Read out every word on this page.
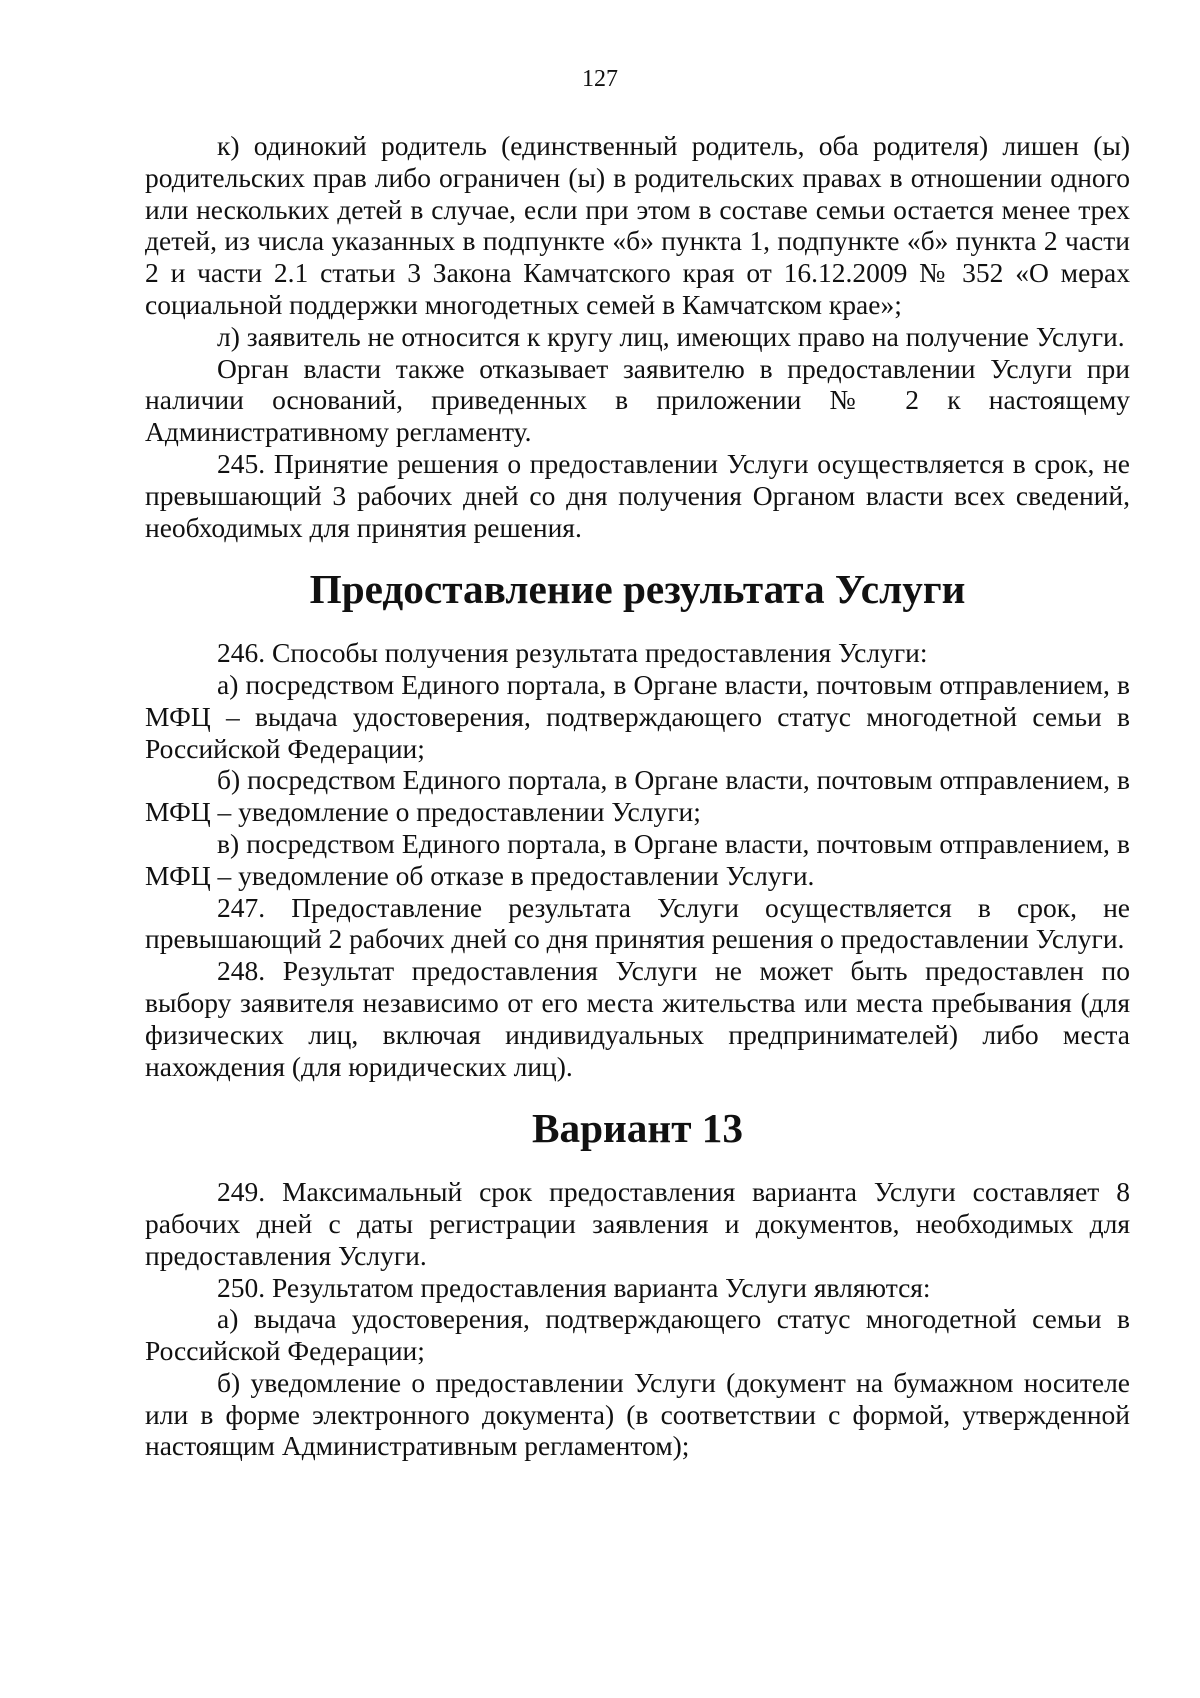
127

к) одинокий родитель (единственный родитель, оба родителя) лишен (ы) родительских прав либо ограничен (ы) в родительских правах в отношении одного или нескольких детей в случае, если при этом в составе семьи остается менее трех детей, из числа указанных в подпункте «б» пункта 1, подпункте «б» пункта 2 части 2 и части 2.1 статьи 3 Закона Камчатского края от 16.12.2009 № 352 «О мерах социальной поддержки многодетных семей в Камчатском крае»;

л) заявитель не относится к кругу лиц, имеющих право на получение Услуги.

Орган власти также отказывает заявителю в предоставлении Услуги при наличии оснований, приведенных в приложении № 2 к настоящему Административному регламенту.

245. Принятие решения о предоставлении Услуги осуществляется в срок, не превышающий 3 рабочих дней со дня получения Органом власти всех сведений, необходимых для принятия решения.

Предоставление результата Услуги

246. Способы получения результата предоставления Услуги:

а) посредством Единого портала, в Органе власти, почтовым отправлением, в МФЦ – выдача удостоверения, подтверждающего статус многодетной семьи в Российской Федерации;

б) посредством Единого портала, в Органе власти, почтовым отправлением, в МФЦ – уведомление о предоставлении Услуги;

в) посредством Единого портала, в Органе власти, почтовым отправлением, в МФЦ – уведомление об отказе в предоставлении Услуги.

247. Предоставление результата Услуги осуществляется в срок, не превышающий 2 рабочих дней со дня принятия решения о предоставлении Услуги.

248. Результат предоставления Услуги не может быть предоставлен по выбору заявителя независимо от его места жительства или места пребывания (для физических лиц, включая индивидуальных предпринимателей) либо места нахождения (для юридических лиц).

Вариант 13

249. Максимальный срок предоставления варианта Услуги составляет 8 рабочих дней с даты регистрации заявления и документов, необходимых для предоставления Услуги.

250. Результатом предоставления варианта Услуги являются:

а) выдача удостоверения, подтверждающего статус многодетной семьи в Российской Федерации;

б) уведомление о предоставлении Услуги (документ на бумажном носителе или в форме электронного документа) (в соответствии с формой, утвержденной настоящим Административным регламентом);
